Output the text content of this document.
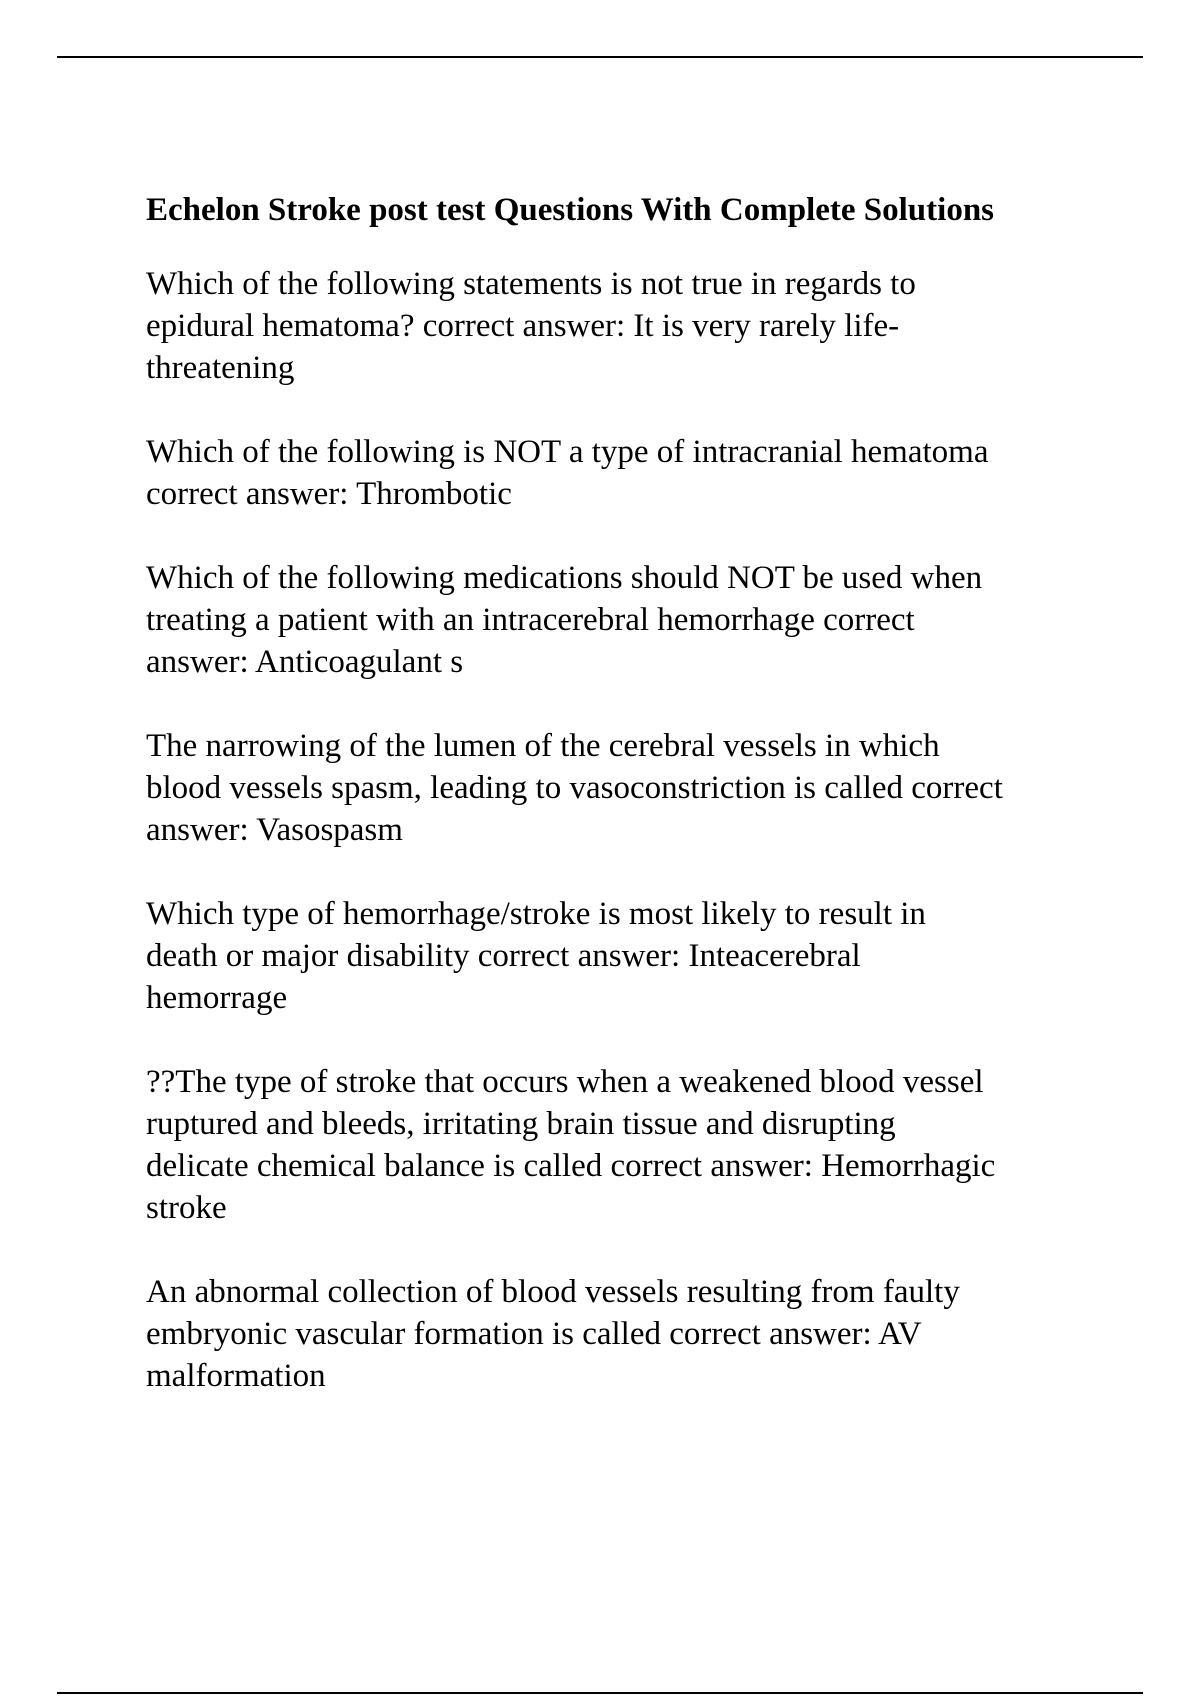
Echelon Stroke post test Questions With Complete Solutions
Which of the following statements is not true in regards to
epidural hematoma? correct answer: It is very rarely life-
threatening
Which of the following is NOT a type of intracranial hematoma
correct answer: Thrombotic
Which of the following medications should NOT be used when
treating a patient with an intracerebral hemorrhage correct
answer: Anticoagulant s
The narrowing of the lumen of the cerebral vessels in which
blood vessels spasm, leading to vasoconstriction is called correct
answer: Vasospasm
Which type of hemorrhage/stroke is most likely to result in
death or major disability correct answer: Inteacerebral
hemorrage
??The type of stroke that occurs when a weakened blood vessel
ruptured and bleeds, irritating brain tissue and disrupting
delicate chemical balance is called correct answer: Hemorrhagic
stroke
An abnormal collection of blood vessels resulting from faulty
embryonic vascular formation is called correct answer: AV
malformation
